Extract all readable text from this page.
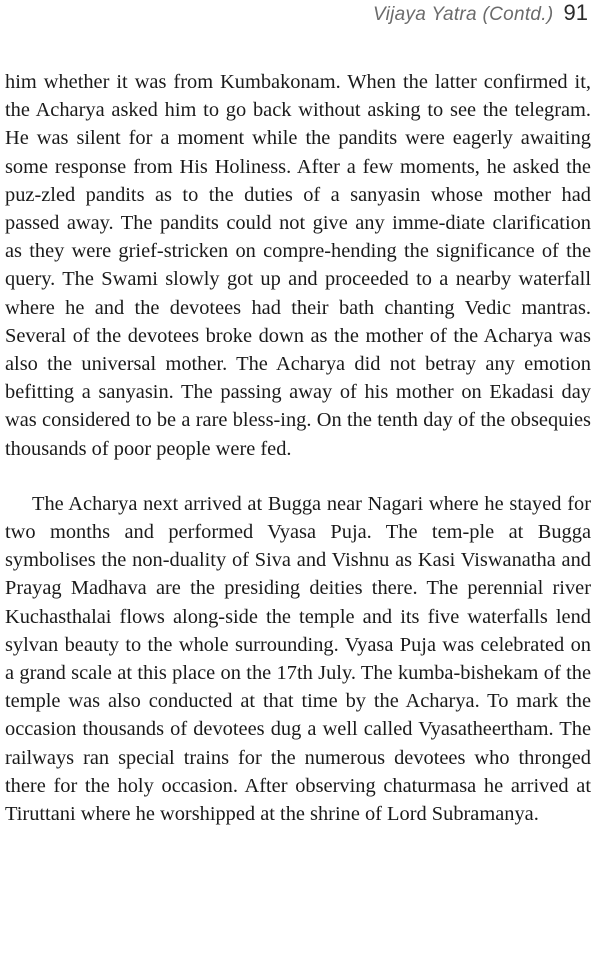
Vijaya Yatra (Contd.) 91

him whether it was from Kumbakonam. When the latter confirmed it, the Acharya asked him to go back without asking to see the telegram. He was silent for a moment while the pandits were eagerly awaiting some response from His Holiness. After a few moments, he asked the puz-zled pandits as to the duties of a sanyasin whose mother had passed away. The pandits could not give any imme-diate clarification as they were grief-stricken on compre-hending the significance of the query. The Swami slowly got up and proceeded to a nearby waterfall where he and the devotees had their bath chanting Vedic mantras. Several of the devotees broke down as the mother of the Acharya was also the universal mother. The Acharya did not betray any emotion befitting a sanyasin. The passing away of his mother on Ekadasi day was considered to be a rare bless-ing. On the tenth day of the obsequies thousands of poor people were fed.

The Acharya next arrived at Bugga near Nagari where he stayed for two months and performed Vyasa Puja. The tem-ple at Bugga symbolises the non-duality of Siva and Vishnu as Kasi Viswanatha and Prayag Madhava are the presiding deities there. The perennial river Kuchasthalai flows along-side the temple and its five waterfalls lend sylvan beauty to the whole surrounding. Vyasa Puja was celebrated on a grand scale at this place on the 17th July. The kumba-bishekam of the temple was also conducted at that time by the Acharya. To mark the occasion thousands of devotees dug a well called Vyasatheertham. The railways ran special trains for the numerous devotees who thronged there for the holy occasion. After observing chaturmasa he arrived at Tiruttani where he worshipped at the shrine of Lord Subramanya.
